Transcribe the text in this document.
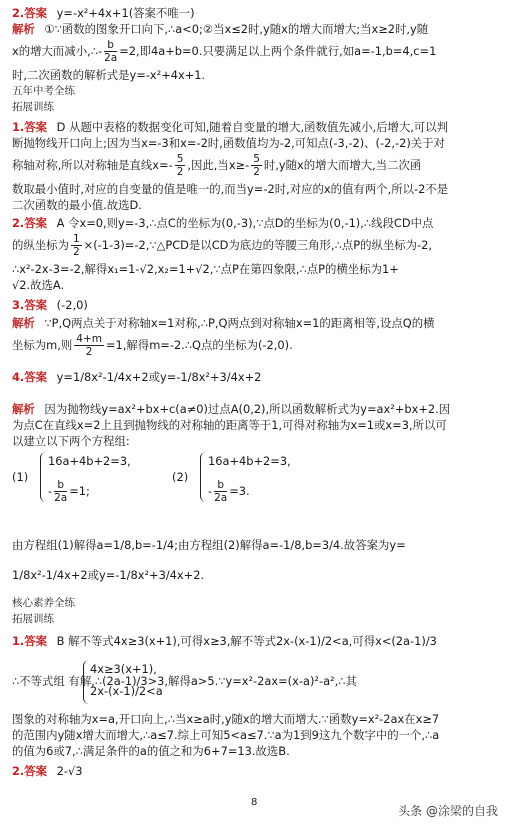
2.答案 y=-x²+4x+1(答案不唯一)
解析 ①∵函数的图象开口向下,∴a<0;②当x≤2时,y随x的增大而增大;当x≥2时,y随
x的增大而减小,∴- $\frac{b}{2a} =2$,即4a+b=0.只要满足以上两个条件就行,如a=-1,b=4,c=1
时,二次函数的解析式是y=-x²+4x+1.
五年中考全练
拓展训练
1.答案 D 从题中表格的数据变化可知,随着自变量的增大,函数值先减小,后增大,可以判
断抛物线开口向上;因为当x=-3和x=-2时,函数值均为-2,可知点(-3,-2)、(-2,-2)关于对
称轴对称,所以对称轴是直线$x=- \frac{5}{2}$ ,因此,当$x\ge- \frac{5}{2}$ 时,y随x的增大而增大,当二次函
数取最小值时,对应的自变量的值是唯一的,而当y=-2时,对应的x的值有两个,所以-2不是
二次函数的最小值.故选D.
2.答案 A 令x=0,则y=-3,∴点C的坐标为(0,-3),∵点D的坐标为(0,-1),∴线段CD中点
的纵坐标为 $\frac{1}{2}$ ×(-1-3)=-2,∵△PCD是以CD为底边的等腰三角形,∴点P的纵坐标为-2,
∴x²-2x-3=-2,解得x₁=1-√2,x₂=1+√2,∵点P在第四象限,∴点P的横坐标为1+
√2.故选A.
3.答案 (-2,0)
解析 ∵P,Q两点关于对称轴x=1对称,∴P,Q两点到对称轴x=1的距离相等,设点Q的横
坐标为m,则 $\frac{4+m}{2} =1$,解得m=-2.∴Q点的坐标为(-2,0).
4.答案 y=1/8x²-1/4x+2或y=-1/8x²+3/4x+2
解析 因为抛物线y=ax²+bx+c(a≠0)过点A(0,2),所以函数解析式为y=ax²+bx+2.因
为点C在直线x=2上且到抛物线的对称轴的距离等于1,可得对称轴为x=1或x=3,所以可
以建立以下两个方程组:
(1)
16a+4b+2=3,
- $\frac{b}{2a} =1$;
(2)
16a+4b+2=3,
- $\frac{b}{2a} =3$.
由方程组(1)解得a=1/8,b=-1/4;由方程组(2)解得a=-1/8,b=3/4.故答案为y=
1/8x²-1/4x+2或y=-1/8x²+3/4x+2.
核心素养全练
拓展训练
1.答案 B 解不等式4x≥3(x+1),可得x≥3,解不等式2x-(x-1)/2<a,可得x<(2a-1)/3
4x≥3(x+1),
2x-(x-1)/2<a
∴不等式组 有解,∴(2a-1)/3>3,解得a>5.∵y=x²-2ax=(x-a)²-a²,∴其
图象的对称轴为x=a,开口向上,∴当x≥a时,y随x的增大而增大.∵函数y=x²-2ax在x≥7
的范围内y随x增大而增大,∴a≤7.综上可知5<a≤7.∵a为1到9这九个数字中的一个,∴a
的值为6或7,∴满足条件的a的值之和为6+7=13.故选B.
2.答案 2-√3
8
头条 @涂梁的自我
